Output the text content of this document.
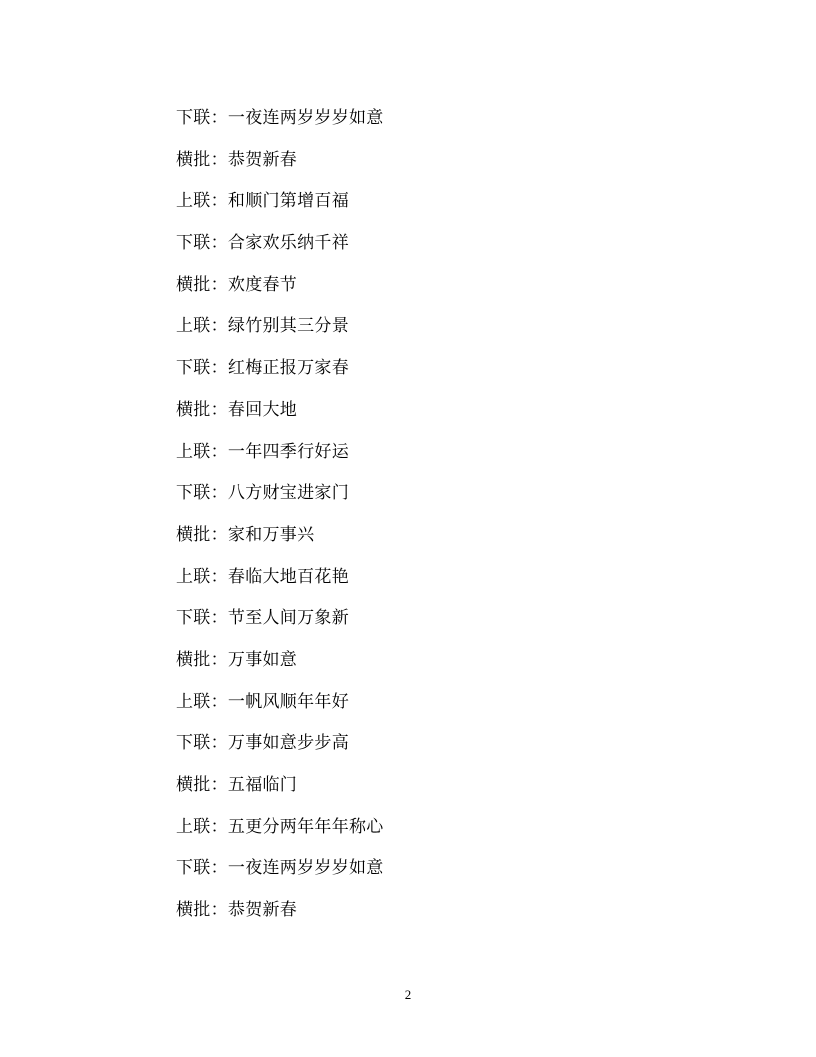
下联：一夜连两岁岁岁如意
横批：恭贺新春
上联：和顺门第增百福
下联：合家欢乐纳千祥
横批：欢度春节
上联：绿竹别其三分景
下联：红梅正报万家春
横批：春回大地
上联：一年四季行好运
下联：八方财宝进家门
横批：家和万事兴
上联：春临大地百花艳
下联：节至人间万象新
横批：万事如意
上联：一帆风顺年年好
下联：万事如意步步高
横批：五福临门
上联：五更分两年年年称心
下联：一夜连两岁岁岁如意
横批：恭贺新春
2
